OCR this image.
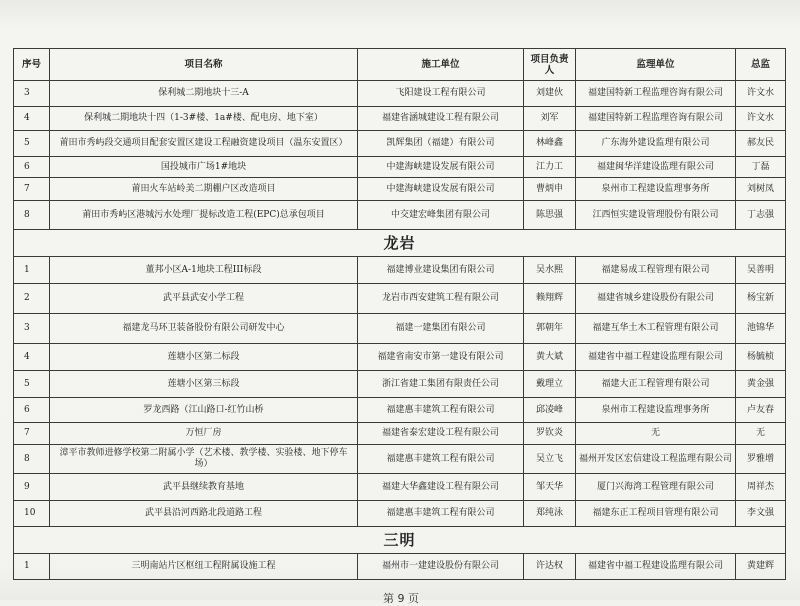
序号	项目名称	施工单位	项目负责人	监理单位	总监
3	保利城二期地块十三-A	飞阳建设工程有限公司	刘建伙	福建国特新工程监理咨询有限公司	许文水
4	保利城二期地块十四（1-3#楼、1a#楼、配电房、地下室）	福建省涵城建设工程有限公司	刘军	福建国特新工程监理咨询有限公司	许文水
5	莆田市秀屿段交通项目配套安置区建设工程融资建设项目（温东安置区）	凯辉集团（福建）有限公司	林峰鑫	广东海外建设监理有限公司	郝友民
6	国投城市广场1#地块	中建海峡建设发展有限公司	江力工	福建闽华洋建设监理有限公司	丁磊
7	莆田火车站岭美二期棚户区改造项目	中建海峡建设发展有限公司	曹炳申	泉州市工程建设监理事务所	刘树凤
8	莆田市秀屿区港城污水处理厂提标改造工程(EPC)总承包项目	中交建宏峰集团有限公司	陈思强	江西恒实建设管理股份有限公司	丁志强
龙岩					
1	董邦小区A-1地块工程III标段	福建博业建设集团有限公司	吴水熙	福建易成工程管理有限公司	吴善明
2	武平县武安小学工程	龙岩市西安建筑工程有限公司	赖翔辉	福建省城乡建设股份有限公司	杨宝新
3	福建龙马环卫装备股份有限公司研发中心	福建一建集团有限公司	郭朝年	福建互华土木工程管理有限公司	池锦华
4	莲塘小区第二标段	福建省南安市第一建设有限公司	黄大斌	福建省中福工程建设监理有限公司	杨毓桢
5	莲塘小区第三标段	浙江省建工集团有限责任公司	戴理立	福建大正工程管理有限公司	黄金强
6	罗龙西路（江山路口-红竹山桥	福建惠丰建筑工程有限公司	邱凌峰	泉州市工程建设监理事务所	卢友春
7	万恒厂房	福建省泰宏建设工程有限公司	罗钦炎	无	无
8	漳平市教师进修学校第二附属小学（艺术楼、教学楼、实验楼、地下停车场）	福建惠丰建筑工程有限公司	吴立飞	福州开发区宏信建设工程监理有限公司	罗雅增
9	武平县继续教育基地	福建大华鑫建设工程有限公司	邹天华	厦门兴海湾工程管理有限公司	周祥杰
10	武平县沿河西路北段道路工程	福建惠丰建筑工程有限公司	郑纯泳	福建东正工程项目管理有限公司	李文强
三明					
1	三明南站片区枢纽工程附属设施工程	福州市一建建设股份有限公司	许达权	福建省中福工程建设监理有限公司	黄建辉
第 9 页
